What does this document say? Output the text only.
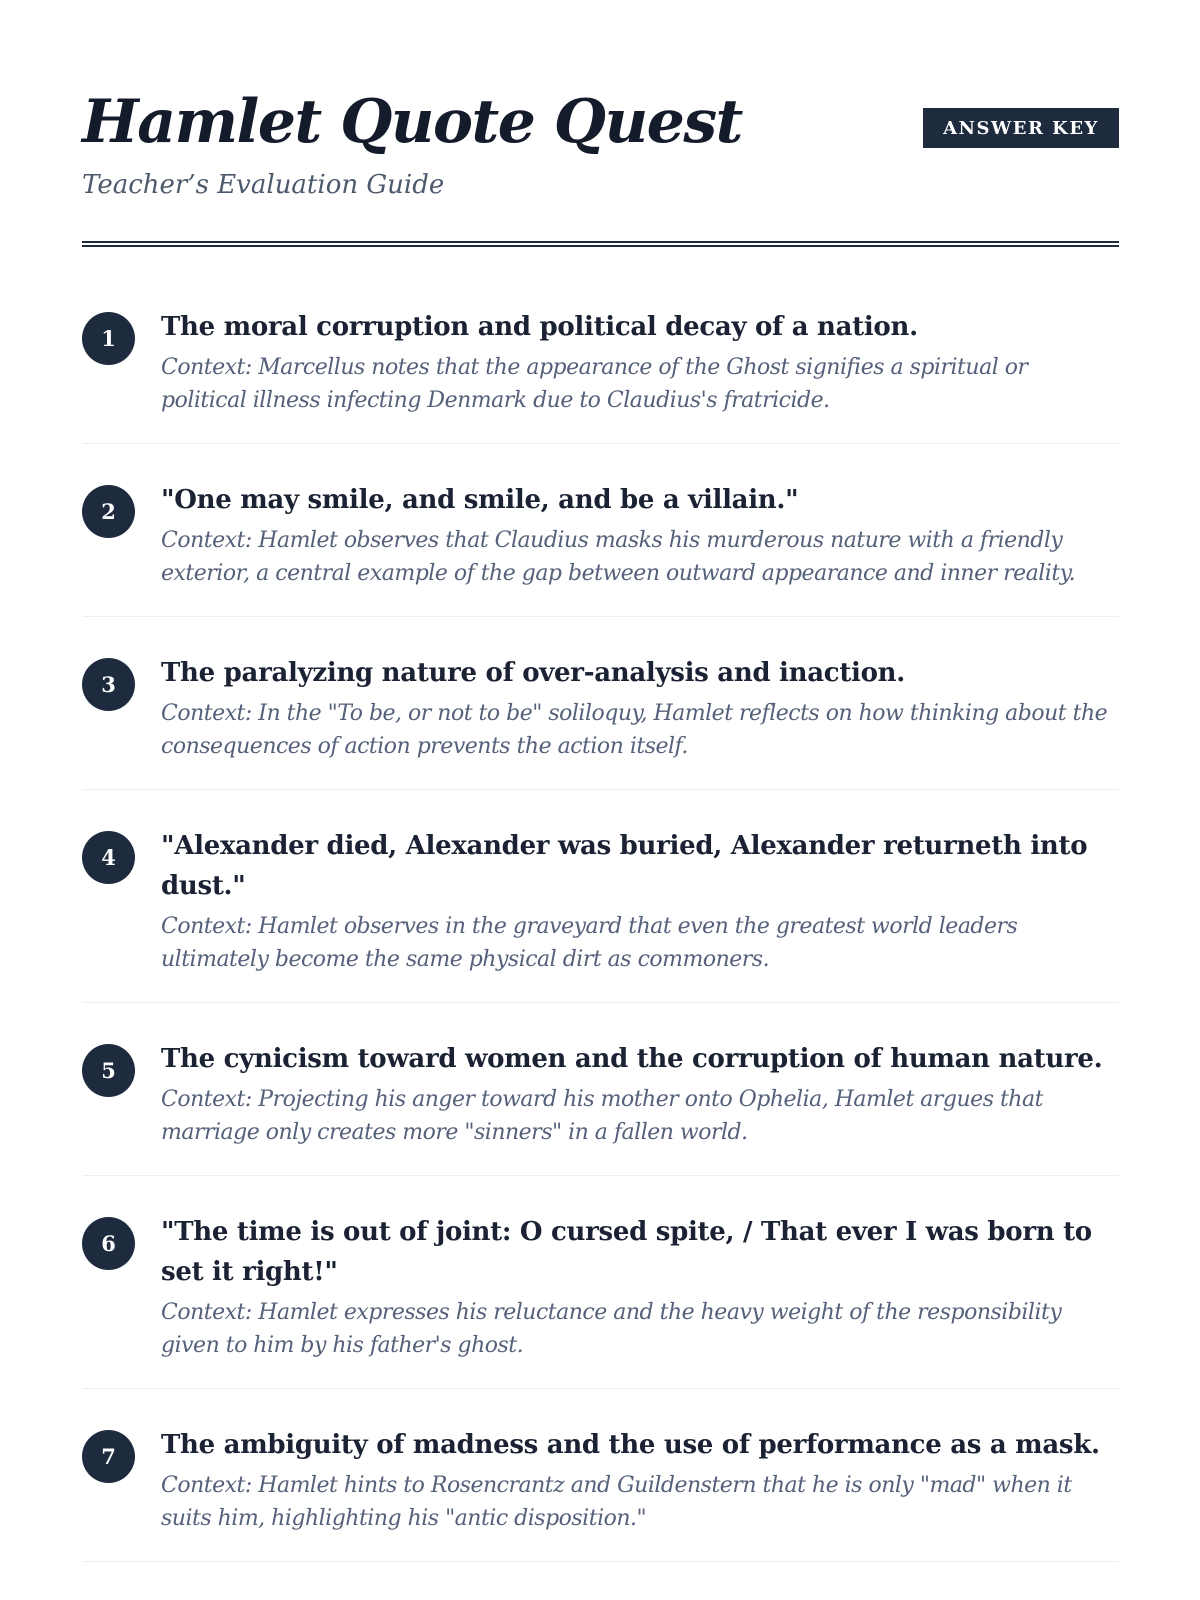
Hamlet Quote Quest

Teacher’s Evaluation Guide

ANSWER KEY
1	The moral corruption and political decay of a nation.

Context: Marcellus notes that the appearance of the Ghost signifies a spiritual or political illness infecting Denmark due to Claudius's fratricide.

2	"One may smile, and smile, and be a villain."

Context: Hamlet observes that Claudius masks his murderous nature with a friendly exterior, a central example of the gap between outward appearance and inner reality.

3	The paralyzing nature of over-analysis and inaction.

Context: In the "To be, or not to be" soliloquy, Hamlet reflects on how thinking about the consequences of action prevents the action itself.

4	"Alexander died, Alexander was buried, Alexander returneth into dust."

Context: Hamlet observes in the graveyard that even the greatest world leaders ultimately become the same physical dirt as commoners.

5	The cynicism toward women and the corruption of human nature.

Context: Projecting his anger toward his mother onto Ophelia, Hamlet argues that marriage only creates more "sinners" in a fallen world.

6	"The time is out of joint: O cursed spite, / That ever I was born to set it right!"

Context: Hamlet expresses his reluctance and the heavy weight of the responsibility given to him by his father's ghost.

7	The ambiguity of madness and the use of performance as a mask.

Context: Hamlet hints to Rosencrantz and Guildenstern that he is only "mad" when it suits him, highlighting his "antic disposition."
